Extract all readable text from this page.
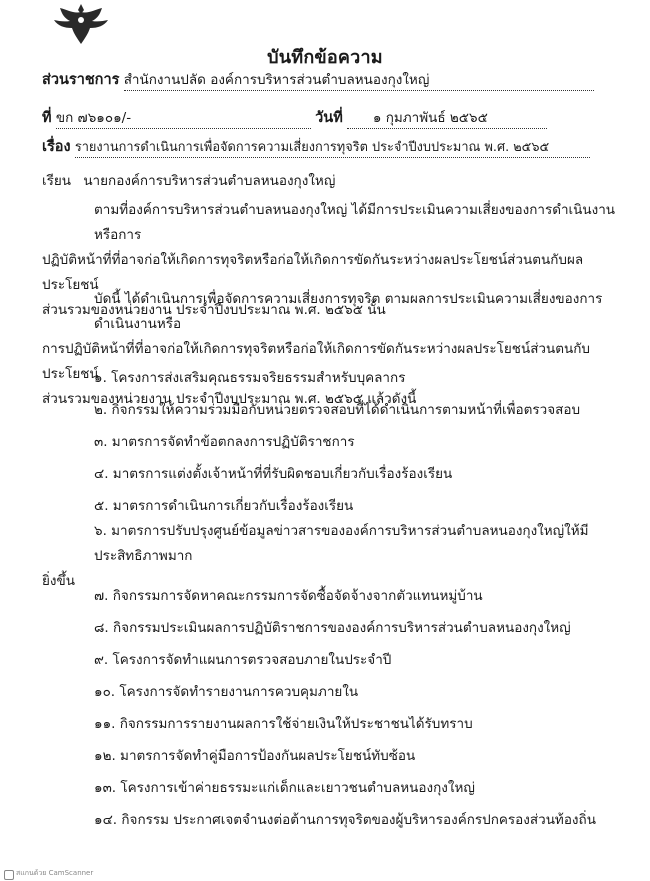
บันทึกข้อความ
ส่วนราชการ สำนักงานปลัด องค์การบริหารส่วนตำบลหนองกุงใหญ่
ที่ ขก ๗๖๑๐๑/-	วันที่ ๑ กุมภาพันธ์ ๒๕๖๕
เรื่อง รายงานการดำเนินการเพื่อจัดการความเสี่ยงการทุจริต ประจำปีงบประมาณ พ.ศ. ๒๕๖๕
เรียน นายกองค์การบริหารส่วนตำบลหนองกุงใหญ่

ตามที่องค์การบริหารส่วนตำบลหนองกุงใหญ่ ได้มีการประเมินความเสี่ยงของการดำเนินงาน หรือการ

ปฏิบัติหน้าที่ที่อาจก่อให้เกิดการทุจริตหรือก่อให้เกิดการขัดกันระหว่างผลประโยชน์ส่วนตนกับผลประโยชน์

ส่วนรวมของหน่วยงาน ประจำปีงบประมาณ พ.ศ. ๒๕๖๕ นั้น

บัดนี้ ได้ดำเนินการเพื่อจัดการความเสี่ยงการทุจริต ตามผลการประเมินความเสี่ยงของการดำเนินงานหรือ

การปฏิบัติหน้าที่ที่อาจก่อให้เกิดการทุจริตหรือก่อให้เกิดการขัดกันระหว่างผลประโยชน์ส่วนตนกับประโยชน์

ส่วนรวมของหน่วยงาน ประจำปีงบประมาณ พ.ศ. ๒๕๖๕ แล้วดังนี้

๑. โครงการส่งเสริมคุณธรรมจริยธรรมสำหรับบุคลากร
๒. กิจกรรมให้ความร่วมมือกับหน่วยตรวจสอบที่ได้ดำเนินการตามหน้าที่เพื่อตรวจสอบ
๓. มาตรการจัดทำข้อตกลงการปฏิบัติราชการ
๔. มาตรการแต่งตั้งเจ้าหน้าที่ที่รับผิดชอบเกี่ยวกับเรื่องร้องเรียน
๕. มาตรการดำเนินการเกี่ยวกับเรื่องร้องเรียน
๖. มาตรการปรับปรุงศูนย์ข้อมูลข่าวสารขององค์การบริหารส่วนตำบลหนองกุงใหญ่ให้มีประสิทธิภาพมาก
ยิ่งขึ้น
๗. กิจกรรมการจัดหาคณะกรรมการจัดซื้อจัดจ้างจากตัวแทนหมู่บ้าน
๘. กิจกรรมประเมินผลการปฏิบัติราชการขององค์การบริหารส่วนตำบลหนองกุงใหญ่
๙. โครงการจัดทำแผนการตรวจสอบภายในประจำปี
๑๐. โครงการจัดทำรายงานการควบคุมภายใน
๑๑. กิจกรรมการรายงานผลการใช้จ่ายเงินให้ประชาชนได้รับทราบ
๑๒. มาตรการจัดทำคู่มือการป้องกันผลประโยชน์ทับซ้อน
๑๓. โครงการเข้าค่ายธรรมะแก่เด็กและเยาวชนตำบลหนองกุงใหญ่
๑๔. กิจกรรม ประกาศเจตจำนงต่อต้านการทุจริตของผู้บริหารองค์กรปกครองส่วนท้องถิ่น
สแกนด้วย CamScanner
